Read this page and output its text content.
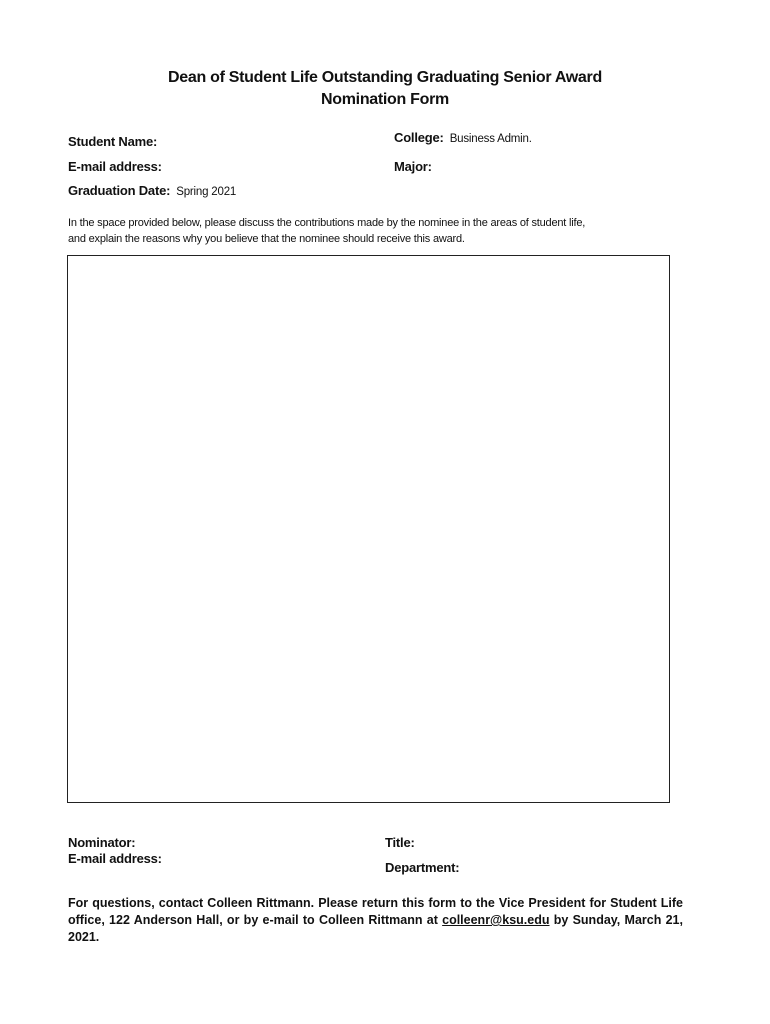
Dean of Student Life Outstanding Graduating Senior Award
Nomination Form
Student Name:	College: Business Admin.
E-mail address:	Major:
Graduation Date: Spring 2021
In the space provided below, please discuss the contributions made by the nominee in the areas of student life,
and explain the reasons why you believe that the nominee should receive this award.
Nominator:
E-mail address:
Title:
Department:
For questions, contact Colleen Rittmann. Please return this form to the Vice President for Student Life office, 122 Anderson Hall, or by e-mail to Colleen Rittmann at colleenr@ksu.edu by Sunday, March 21, 2021.
